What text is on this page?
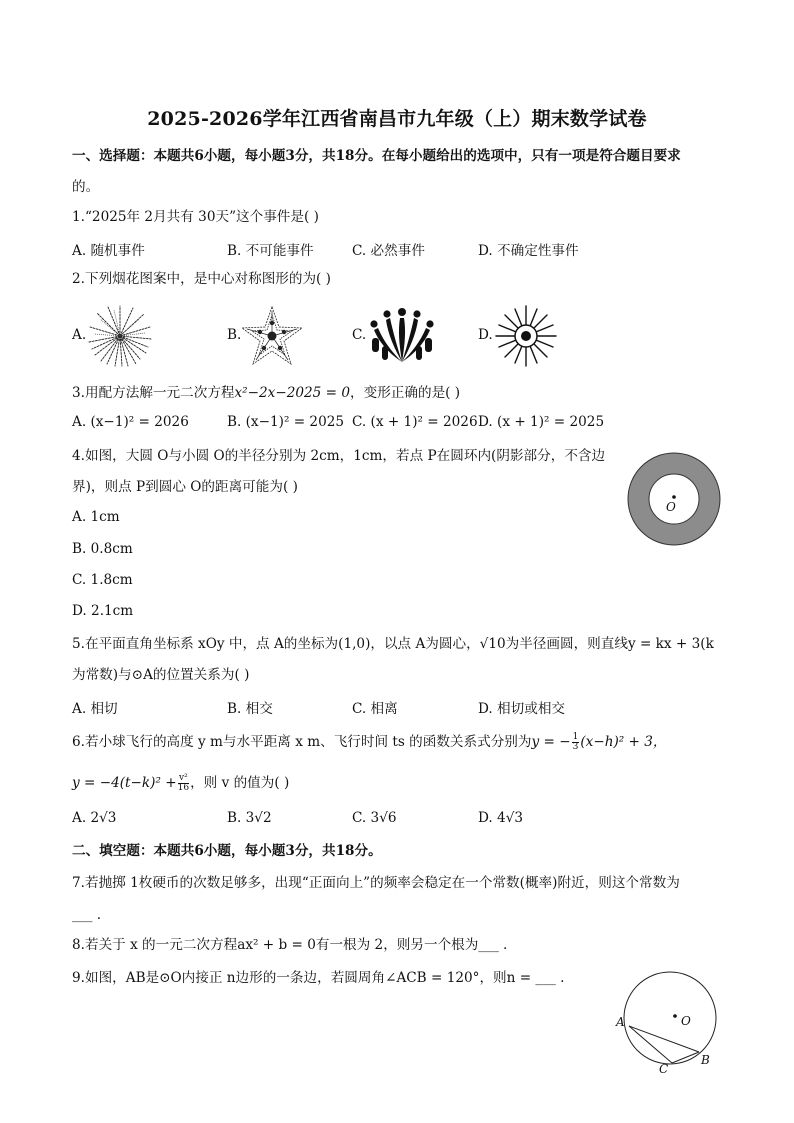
2025-2026学年江西省南昌市九年级（上）期末数学试卷
一、选择题：本题共6小题，每小题3分，共18分。在每小题给出的选项中，只有一项是符合题目要求
的。
1.“2025年 2月共有 30天”这个事件是( )
A. 随机事件	B. 不可能事件	C. 必然事件	D. 不确定性事件
2.下列烟花图案中，是中心对称图形的为( )
A.	B.	C.	D.
3.用配方法解一元二次方程x²−2x−2025 = 0，变形正确的是( )
A. (x−1)² = 2026	B. (x−1)² = 2025 C. (x + 1)² = 2026 D. (x + 1)² = 2025
4.如图，大圆 O与小圆 O的半径分别为 2cm，1cm，若点 P在圆环内(阴影部分，不含边
界)，则点 P到圆心 O的距离可能为( )
A. 1cm
B. 0.8cm
C. 1.8cm
D. 2.1cm
O
5.在平面直角坐标系 xOy 中，点 A的坐标为(1,0)，以点 A为圆心，√10为半径画圆，则直线y = kx + 3(k
为常数)与⊙A的位置关系为( )
A. 相切	B. 相交	C. 相离	D. 相切或相交
6.若小球飞行的高度 y m与水平距离 x m、飞行时间 ts 的函数关系式分别为y = − $\frac{1}{3} (x-h)^2 + 3$，
$y = -4(t-k)^2 + \frac{\text{v²}}{16}$ ，则 v 的值为( )
A. 2√3	B. 3√2	C. 3√6	D. 4√3
二、填空题：本题共6小题，每小题3分，共18分。
7.若抛掷 1枚硬币的次数足够多，出现“正面向上”的频率会稳定在一个常数(概率)附近，则这个常数为
___ .
8.若关于 x 的一元二次方程ax² + b = 0有一根为 2，则另一个根为___ .
9.如图，AB是⊙O内接正 n边形的一条边，若圆周角∠ACB = 120°，则n = ___ .
A
B
C
O
